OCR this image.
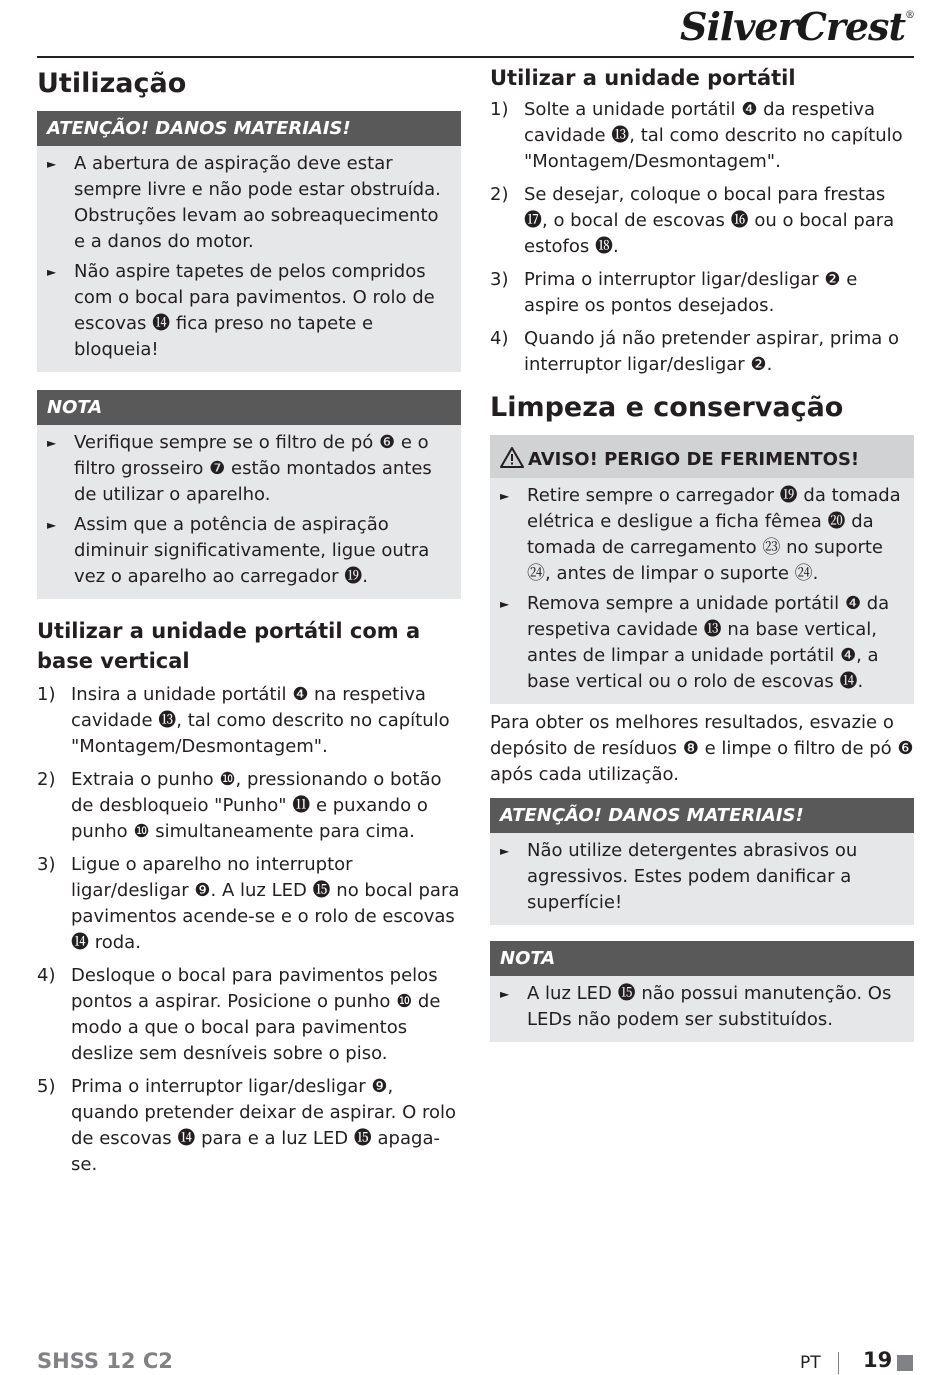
SilverCrest®
Utilização
ATENÇÃO! DANOS MATERIAIS!

► A abertura de aspiração deve estar sempre livre e não pode estar obstruída. Obstruções levam ao sobreaquecimento e a danos do motor.

► Não aspire tapetes de pelos compridos com o bocal para pavimentos. O rolo de escovas ⓮ fica preso no tapete e bloqueia!

NOTA

► Verifique sempre se o filtro de pó ❻ e o filtro grosseiro ❼ estão montados antes de utilizar o aparelho.

► Assim que a potência de aspiração diminuir significativamente, ligue outra vez o aparelho ao carregador ⓳.

Utilizar a unidade portátil com a base vertical
1) Insira a unidade portátil ❹ na respetiva cavidade ⓭, tal como descrito no capítulo "Montagem/Desmontagem".
2) Extraia o punho ❿, pressionando o botão de desbloqueio "Punho" ⓫ e puxando o punho ❿ simultaneamente para cima.
3) Ligue o aparelho no interruptor ligar/desligar ❾. A luz LED ⓯ no bocal para pavimentos acende-se e o rolo de escovas ⓮ roda.
4) Desloque o bocal para pavimentos pelos pontos a aspirar. Posicione o punho ❿ de modo a que o bocal para pavimentos deslize sem desníveis sobre o piso.
5) Prima o interruptor ligar/desligar ❾, quando pretender deixar de aspirar. O rolo de escovas ⓮ para e a luz LED ⓯ apaga-se.
Utilizar a unidade portátil
1) Solte a unidade portátil ❹ da respetiva cavidade ⓭, tal como descrito no capítulo "Montagem/Desmontagem".
2) Se desejar, coloque o bocal para frestas ⓱, o bocal de escovas ⓰ ou o bocal para estofos ⓲.
3) Prima o interruptor ligar/desligar ❷ e aspire os pontos desejados.
4) Quando já não pretender aspirar, prima o interruptor ligar/desligar ❷.
Limpeza e conservação
AVISO! PERIGO DE FERIMENTOS!

► Retire sempre o carregador ⓳ da tomada elétrica e desligue a ficha fêmea ⓴ da tomada de carregamento ㉓ no suporte ㉔, antes de limpar o suporte ㉔.

► Remova sempre a unidade portátil ❹ da respetiva cavidade ⓭ na base vertical, antes de limpar a unidade portátil ❹, a base vertical ou o rolo de escovas ⓮.

Para obter os melhores resultados, esvazie o depósito de resíduos ❽ e limpe o filtro de pó ❻ após cada utilização.

ATENÇÃO! DANOS MATERIAIS!

► Não utilize detergentes abrasivos ou agressivos. Estes podem danificar a superfície!

NOTA

► A luz LED ⓯ não possui manutenção. Os LEDs não podem ser substituídos.

SHSS 12 C2	PT 19
